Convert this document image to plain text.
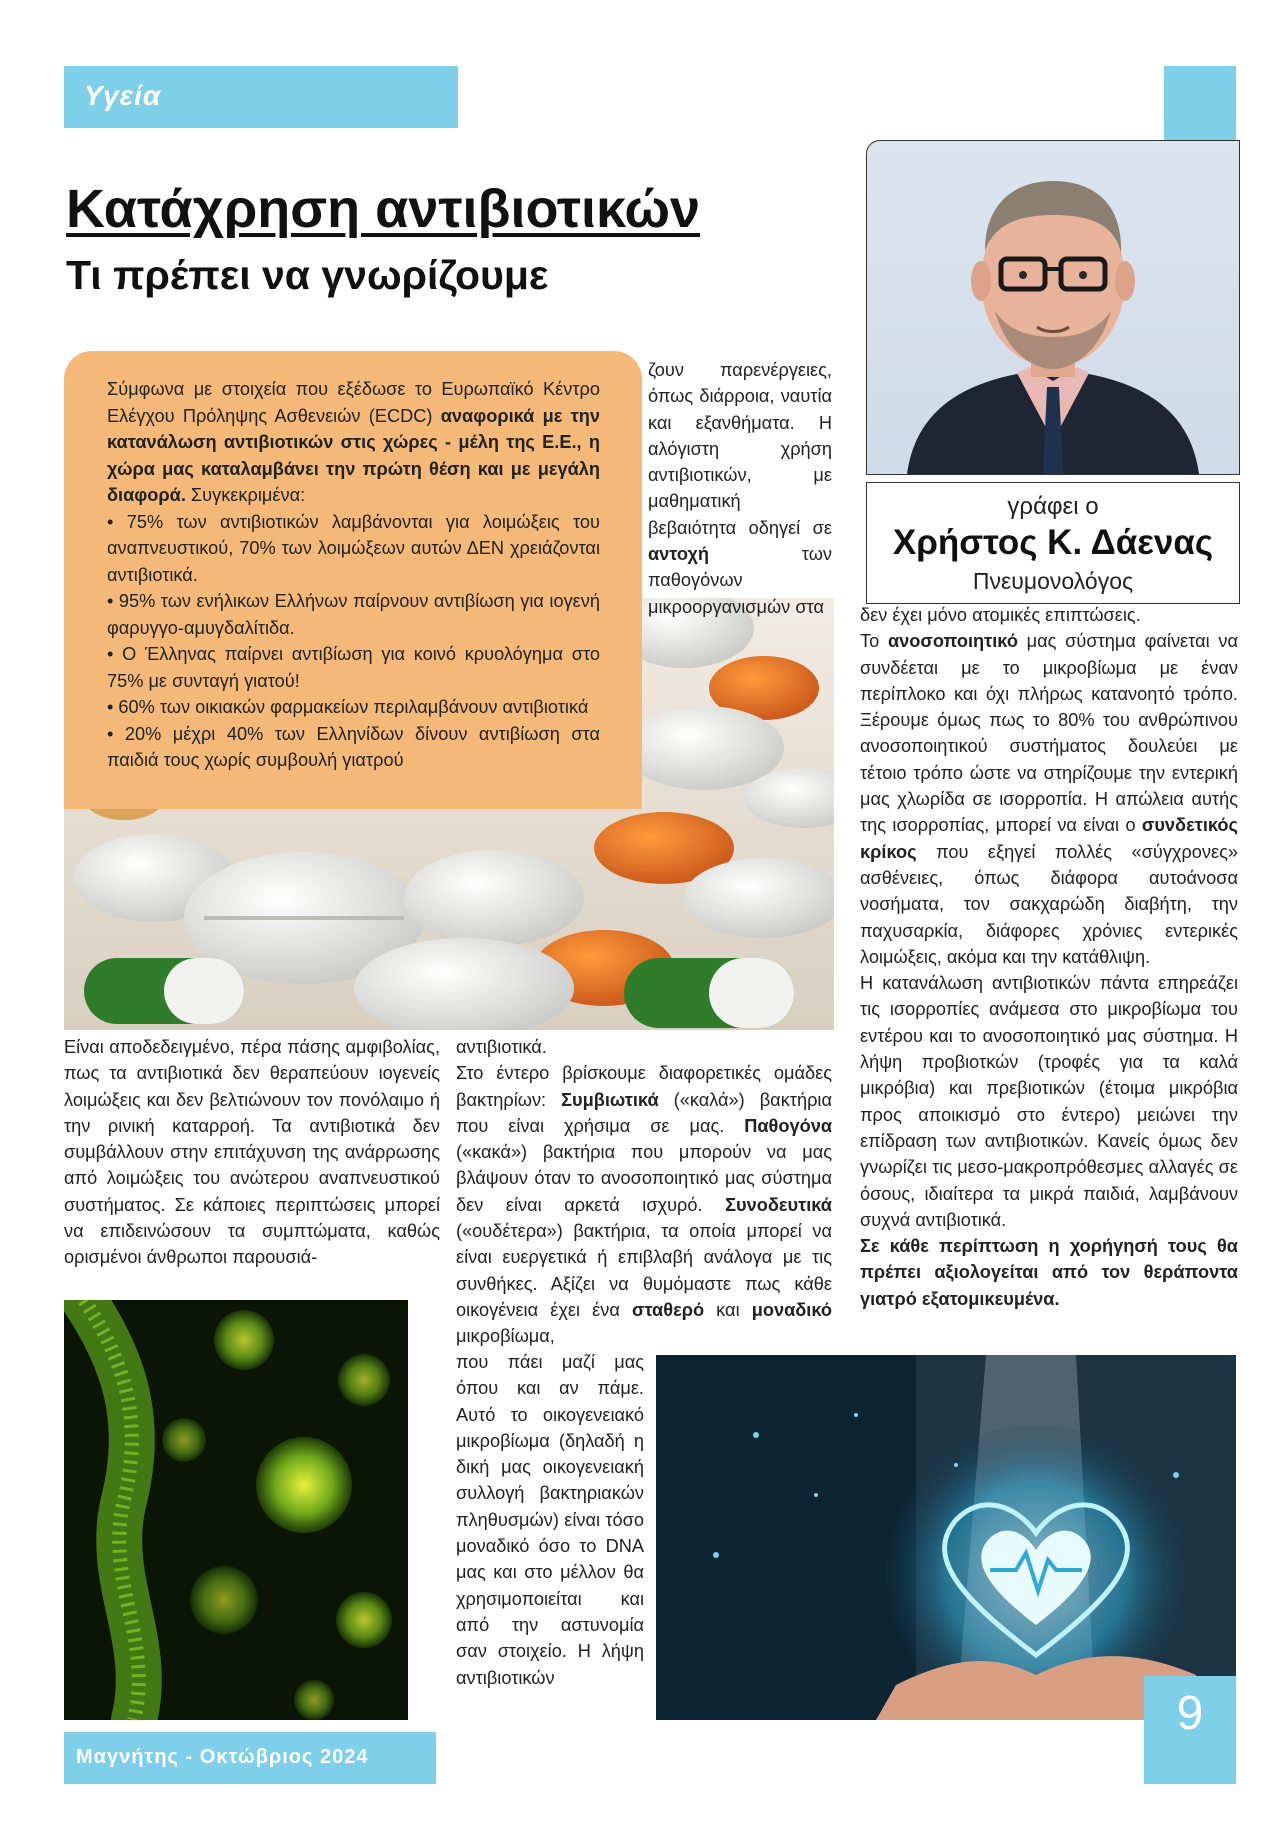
Υγεία
Κατάχρηση αντιβιοτικών
Τι πρέπει να γνωρίζουμε
γράφει ο
Χρήστος Κ. Δάενας
Πνευμονολόγος

Σύμφωνα με στοιχεία που εξέδωσε το Ευρωπαϊκό Κέντρο Ελέγχου Πρόληψης Ασθενειών (ECDC) αναφορικά με την κατανάλωση αντιβιοτικών στις χώρες - μέλη της Ε.Ε., η χώρα μας καταλαμβάνει την πρώτη θέση και με μεγάλη διαφορά. Συγκεκριμένα:

• 75% των αντιβιοτικών λαμβάνονται για λοιμώξεις του αναπνευστικού, 70% των λοιμώξεων αυτών ΔΕΝ χρειάζονται αντιβιοτικά.

• 95% των ενήλικων Ελλήνων παίρνουν αντιβίωση για ιογενή φαρυγγο-αμυγδαλίτιδα.

• Ο Έλληνας παίρνει αντιβίωση για κοινό κρυολόγημα στο 75% με συνταγή γιατού!

• 60% των οικιακών φαρμακείων περιλαμβάνουν αντιβιοτικά

• 20% μέχρι 40% των Ελληνίδων δίνουν αντιβίωση στα παιδιά τους χωρίς συμβουλή γιατρού

ζουν παρενέργειες, όπως διάρροια, ναυτία και εξανθήματα. Η αλόγιστη χρήση αντιβιοτικών, με μαθηματική βεβαιότητα οδηγεί σε αντοχή των παθογόνων μικροοργανισμών στα

Είναι αποδεδειγμένο, πέρα πάσης αμφιβολίας, πως τα αντιβιοτικά δεν θεραπεύουν ιογενείς λοιμώξεις και δεν βελτιώνουν τον πονόλαιμο ή την ρινική καταρροή. Τα αντιβιοτικά δεν συμβάλλουν στην επιτάχυνση της ανάρρωσης από λοιμώξεις του ανώτερου αναπνευστικού συστήματος. Σε κάποιες περιπτώσεις μπορεί να επιδεινώσουν τα συμπτώματα, καθώς ορισμένοι άνθρωποι παρουσιά-

αντιβιοτικά.

Στο έντερο βρίσκουμε διαφορετικές ομάδες βακτηρίων: Συμβιωτικά («καλά») βακτήρια που είναι χρήσιμα σε μας. Παθογόνα («κακά») βακτήρια που μπορούν να μας βλάψουν όταν το ανοσοποιητικό μας σύστημα δεν είναι αρκετά ισχυρό. Συνοδευτικά («ουδέτερα») βακτήρια, τα οποία μπορεί να είναι ευεργετικά ή επιβλαβή ανάλογα με τις συνθήκες. Αξίζει να θυμόμαστε πως κάθε οικογένεια έχει ένα σταθερό και μοναδικό μικροβίωμα,

που πάει μαζί μας όπου και αν πάμε. Αυτό το οικογενειακό μικροβίωμα (δηλαδή η δική μας οικογενειακή συλλογή βακτηριακών πληθυσμών) είναι τόσο μοναδικό όσο το DNA μας και στο μέλλον θα χρησιμοποιείται και από την αστυνομία σαν στοιχείο. Η λήψη αντιβιοτικών

δεν έχει μόνο ατομικές επιπτώσεις.

Το ανοσοποιητικό μας σύστημα φαίνεται να συνδέεται με το μικροβίωμα με έναν περίπλοκο και όχι πλήρως κατανοητό τρόπο. Ξέρουμε όμως πως το 80% του ανθρώπινου ανοσοποιητικού συστήματος δουλεύει με τέτοιο τρόπο ώστε να στηρίζουμε την εντερική μας χλωρίδα σε ισορροπία. Η απώλεια αυτής της ισορροπίας, μπορεί να είναι ο συνδετικός κρίκος που εξηγεί πολλές «σύγχρονες» ασθένειες, όπως διάφορα αυτοάνοσα νοσήματα, τον σακχαρώδη διαβήτη, την παχυσαρκία, διάφορες χρόνιες εντερικές λοιμώξεις, ακόμα και την κατάθλιψη.

Η κατανάλωση αντιβιοτικών πάντα επηρεάζει τις ισορροπίες ανάμεσα στο μικροβίωμα του εντέρου και το ανοσοποιητικό μας σύστημα. Η λήψη προβιοτκών (τροφές για τα καλά μικρόβια) και πρεβιοτικών (έτοιμα μικρόβια προς αποικισμό στο έντερο) μειώνει την επίδραση των αντιβιοτικών. Κανείς όμως δεν γνωρίζει τις μεσο-μακροπρόθεσμες αλλαγές σε όσους, ιδιαίτερα τα μικρά παιδιά, λαμβάνουν συχνά αντιβιοτικά.

Σε κάθε περίπτωση η χορήγησή τους θα πρέπει αξιολογείται από τον θεράποντα γιατρό εξατομικευμένα.

Μαγνήτης - Οκτώβριος 2024
9
